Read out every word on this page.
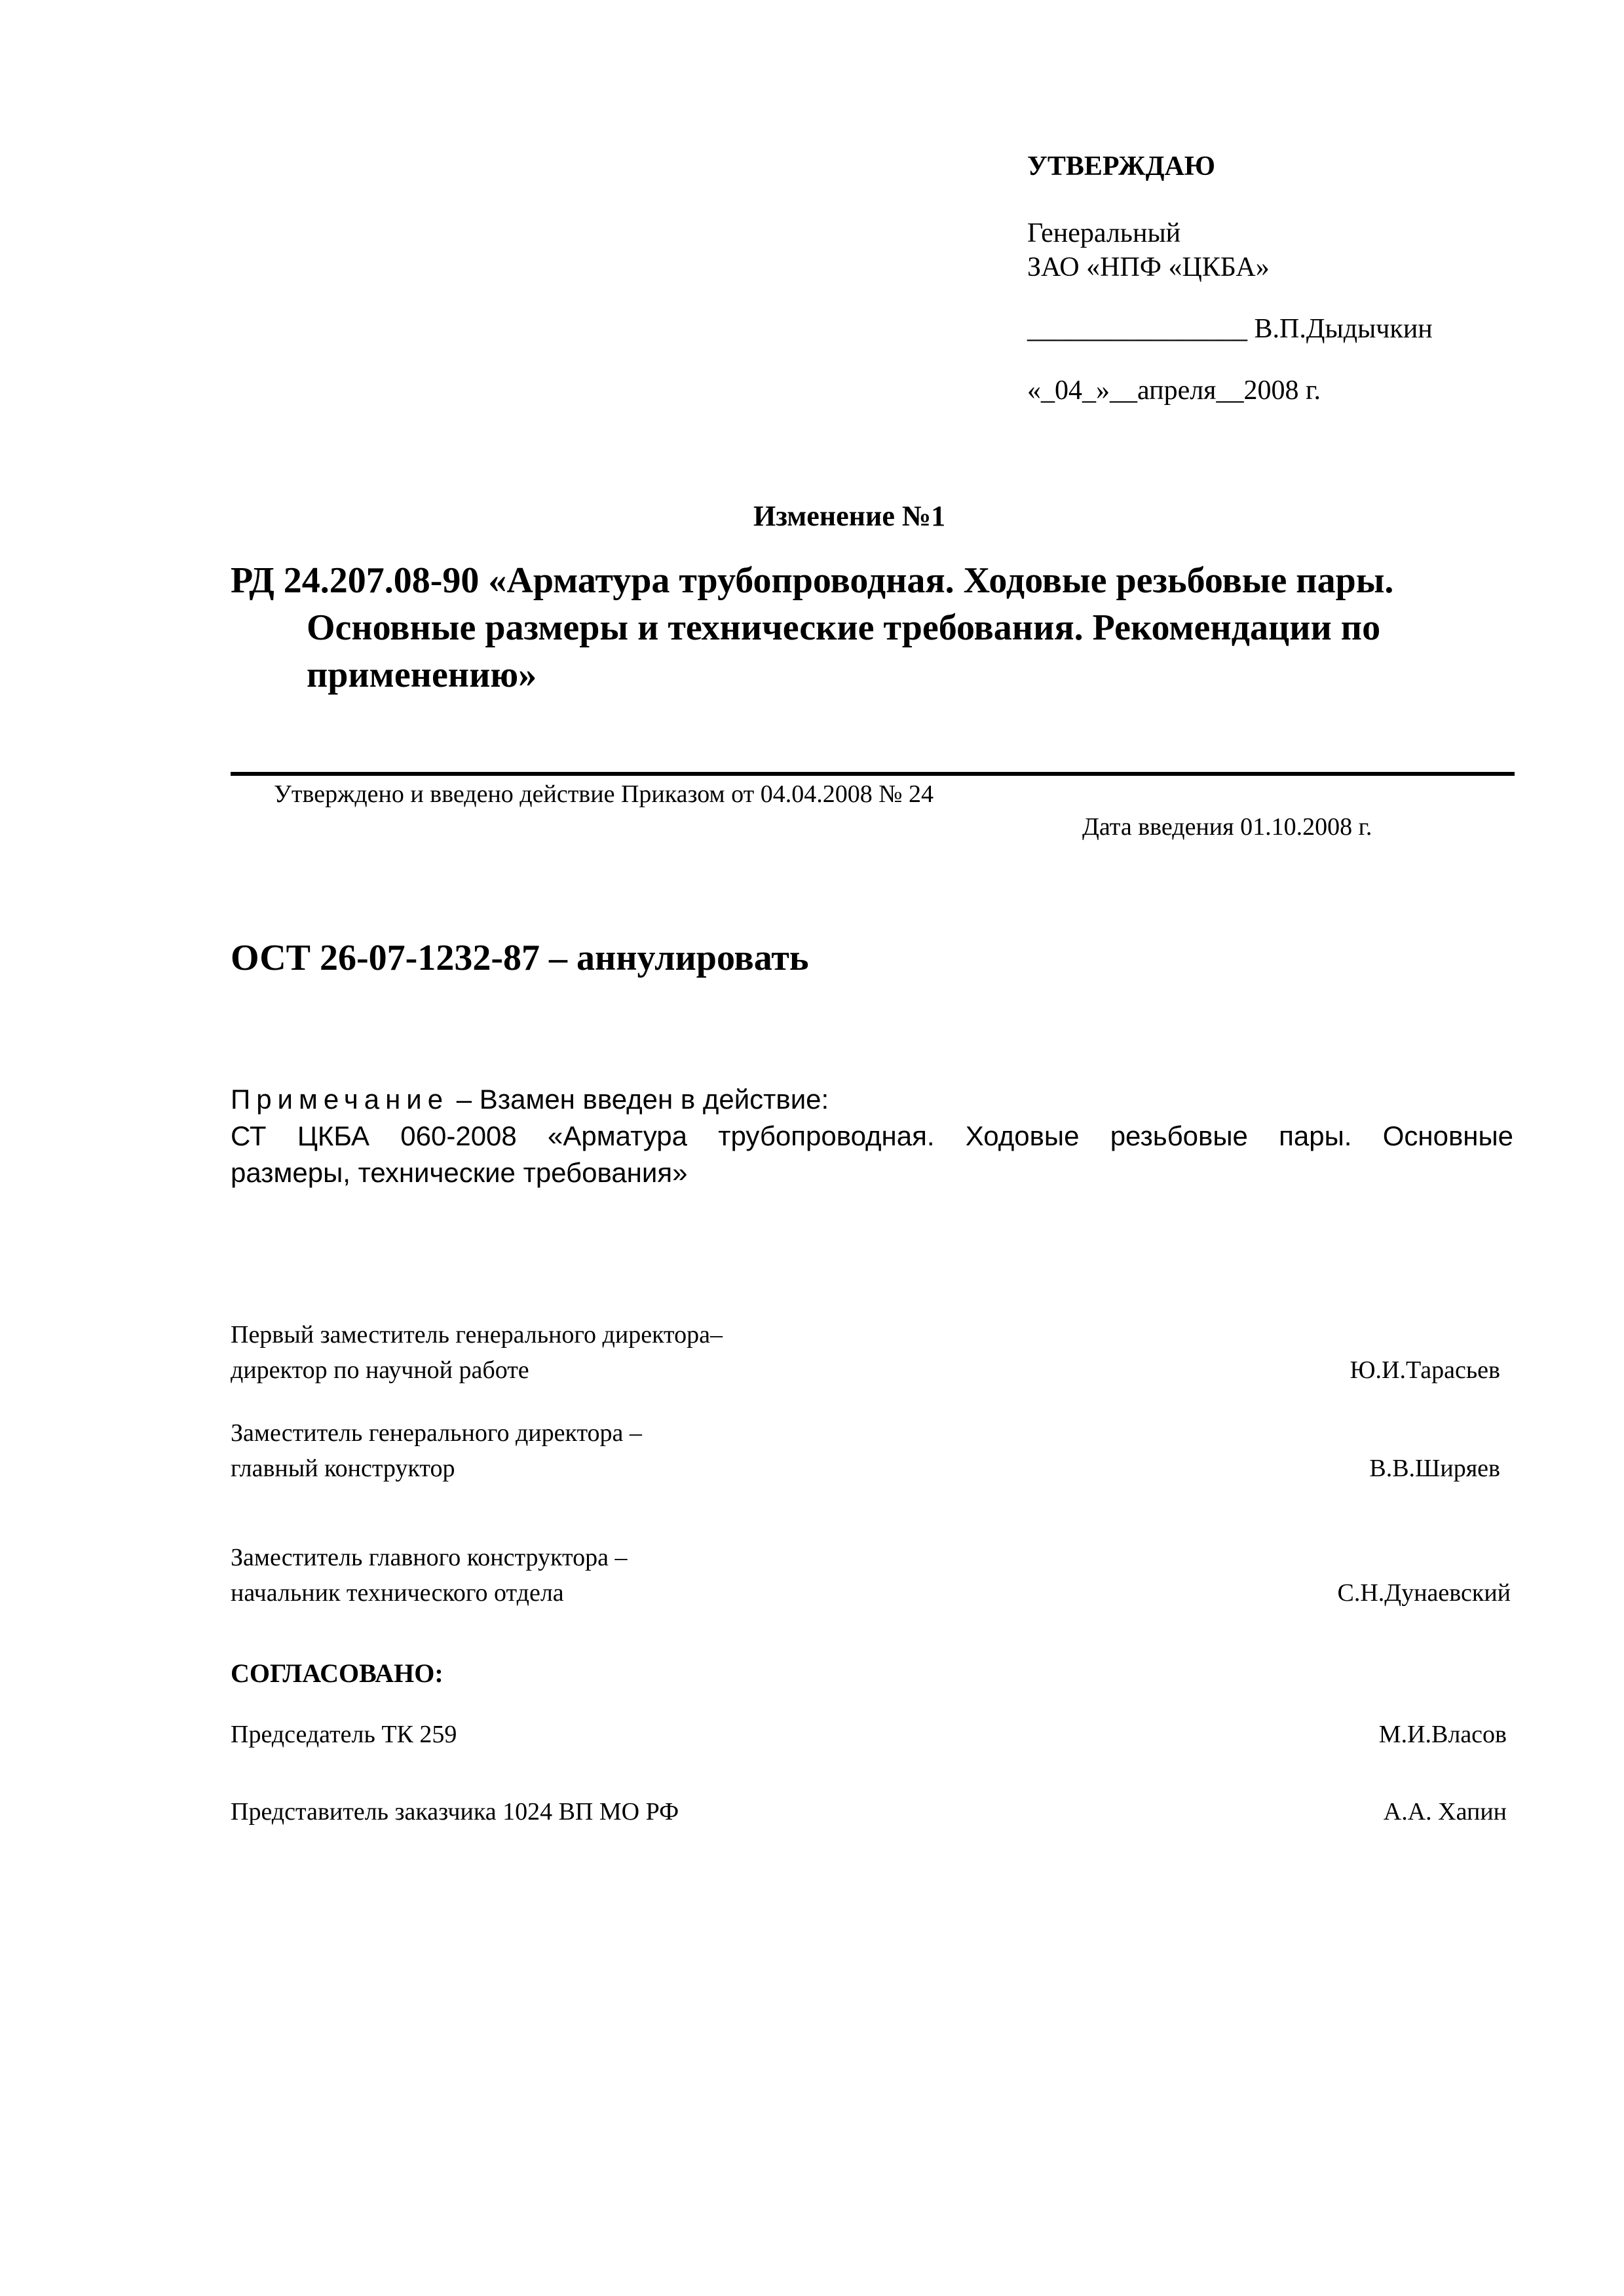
УТВЕРЖДАЮ
Генеральный
ЗАО «НПФ «ЦКБА»
________________ В.П.Дыдычкин
«_04_»__апреля__2008 г.
Изменение №1
РД 24.207.08-90 «Арматура трубопроводная. Ходовые резьбовые пары.
Основные размеры и технические требования. Рекомендации по
применению»
Утверждено и введено действие Приказом от 04.04.2008 № 24
Дата введения 01.10.2008 г.
ОСТ 26-07-1232-87 – аннулировать
Примечание – Взамен введен в действие:
СТ ЦКБА 060-2008 «Арматура трубопроводная. Ходовые резьбовые пары. Основные
размеры, технические требования»
Первый заместитель генерального директора–
директор по научной работе	Ю.И.Тарасьев
Заместитель генерального директора –
главный конструктор	В.В.Ширяев
Заместитель главного конструктора –
начальник технического отдела	С.Н.Дунаевский
СОГЛАСОВАНО:
Председатель ТК 259	М.И.Власов
Представитель заказчика 1024 ВП МО РФ	А.А. Хапин
